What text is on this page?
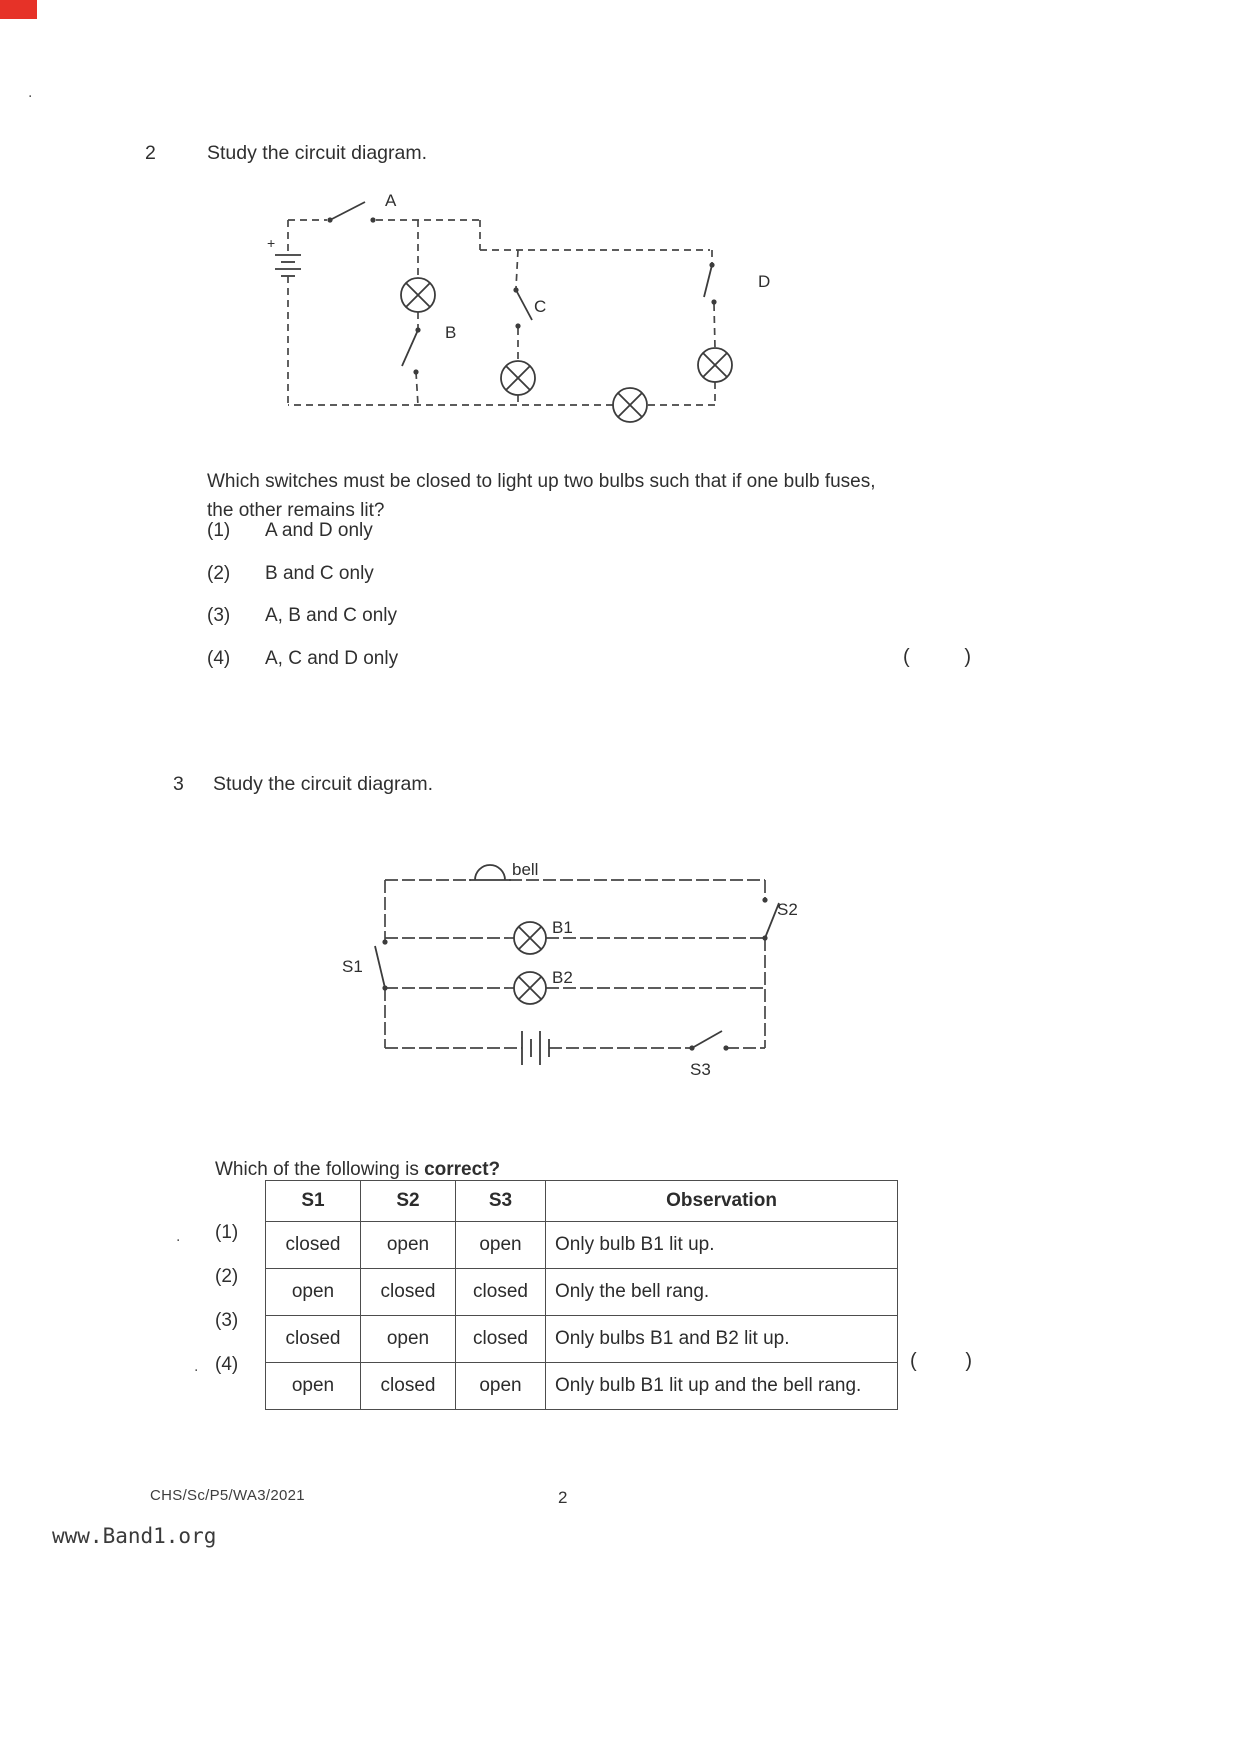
.
2	Study the circuit diagram.
+
A
B
C
D

Which switches must be closed to light up two bulbs such that if one bulb fuses, the other remains lit?

(1)	A and D only
(2)	B and C only
(3)	A, B and C only
(4)	A, C and D only	(	)
3	Study the circuit diagram.
bell
S2
B1
S1
B2
S3

Which of the following is correct?

. (1)
(2)
(3)
. (4)
S1	S2	S3	Observation
closed	open	open	Only bulb B1 lit up.
open	closed	closed	Only the bell rang.
closed	open	closed	Only bulbs B1 and B2 lit up.
open	closed	open	Only bulb B1 lit up and the bell rang.
( )
CHS/Sc/P5/WA3/2021	2
www.Band1.org
